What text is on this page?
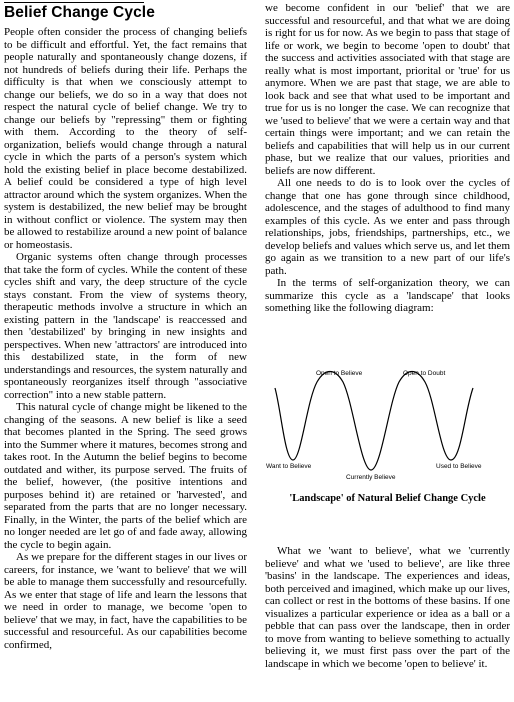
Belief Change Cycle

People often consider the process of changing beliefs to be difficult and effortful. Yet, the fact remains that people naturally and spontaneously change dozens, if not hundreds of beliefs during their life. Perhaps the difficulty is that when we consciously attempt to change our beliefs, we do so in a way that does not respect the natural cycle of belief change. We try to change our beliefs by "repressing" them or fighting with them. According to the theory of self-organization, beliefs would change through a natural cycle in which the parts of a person's system which hold the existing belief in place become destabilized. A belief could be considered a type of high level attractor around which the system organizes. When the system is destabilized, the new belief may be brought in without conflict or violence. The system may then be allowed to restabilize around a new point of balance or homeostasis.

Organic systems often change through processes that take the form of cycles. While the content of these cycles shift and vary, the deep structure of the cycle stays constant. From the view of systems theory, therapeutic methods involve a structure in which an existing pattern in the 'landscape' is reaccessed and then 'destabilized' by bringing in new insights and perspectives. When new 'attractors' are introduced into this destabilized state, in the form of new understandings and resources, the system naturally and spontaneously reorganizes itself through "associative correction" into a new stable pattern.

This natural cycle of change might be likened to the changing of the seasons. A new belief is like a seed that becomes planted in the Spring. The seed grows into the Summer where it matures, becomes strong and takes root. In the Autumn the belief begins to become outdated and wither, its purpose served. The fruits of the belief, however, (the positive intentions and purposes behind it) are retained or 'harvested', and separated from the parts that are no longer necessary. Finally, in the Winter, the parts of the belief which are no longer needed are let go of and fade away, allowing the cycle to begin again.

As we prepare for the different stages in our lives or careers, for instance, we 'want to believe' that we will be able to manage them successfully and resourcefully. As we enter that stage of life and learn the lessons that we need in order to manage, we become 'open to believe' that we may, in fact, have the capabilities to be successful and resourceful. As our capabilities become confirmed,

we become confident in our 'belief' that we are successful and resourceful, and that what we are doing is right for us for now. As we begin to pass that stage of life or work, we begin to become 'open to doubt' that the success and activities associated with that stage are really what is most important, priorital or 'true' for us anymore. When we are past that stage, we are able to look back and see that what used to be important and true for us is no longer the case. We can recognize that we 'used to believe' that we were a certain way and that certain things were important; and we can retain the beliefs and capabilities that will help us in our current phase, but we realize that our values, priorities and beliefs are now different.

All one needs to do is to look over the cycles of change that one has gone through since childhood, adolescence, and the stages of adulthood to find many examples of this cycle. As we enter and pass through relationships, jobs, friendships, partnerships, etc., we develop beliefs and values which serve us, and let them go again as we transition to a new part of our life's path.

In the terms of self-organization theory, we can summarize this cycle as a 'landscape' that looks something like the following diagram:

Open to Believe	Open to Doubt
Want to Believe
Currently Believe
Used to Believe

'Landscape' of Natural Belief Change Cycle

What we 'want to believe', what we 'currently believe' and what we 'used to believe', are like three 'basins' in the landscape. The experiences and ideas, both perceived and imagined, which make up our lives, can collect or rest in the bottoms of these basins. If one visualizes a particular experience or idea as a ball or a pebble that can pass over the landscape, then in order to move from wanting to believe something to actually believing it, we must first pass over the part of the landscape in which we become 'open to believe' it.
